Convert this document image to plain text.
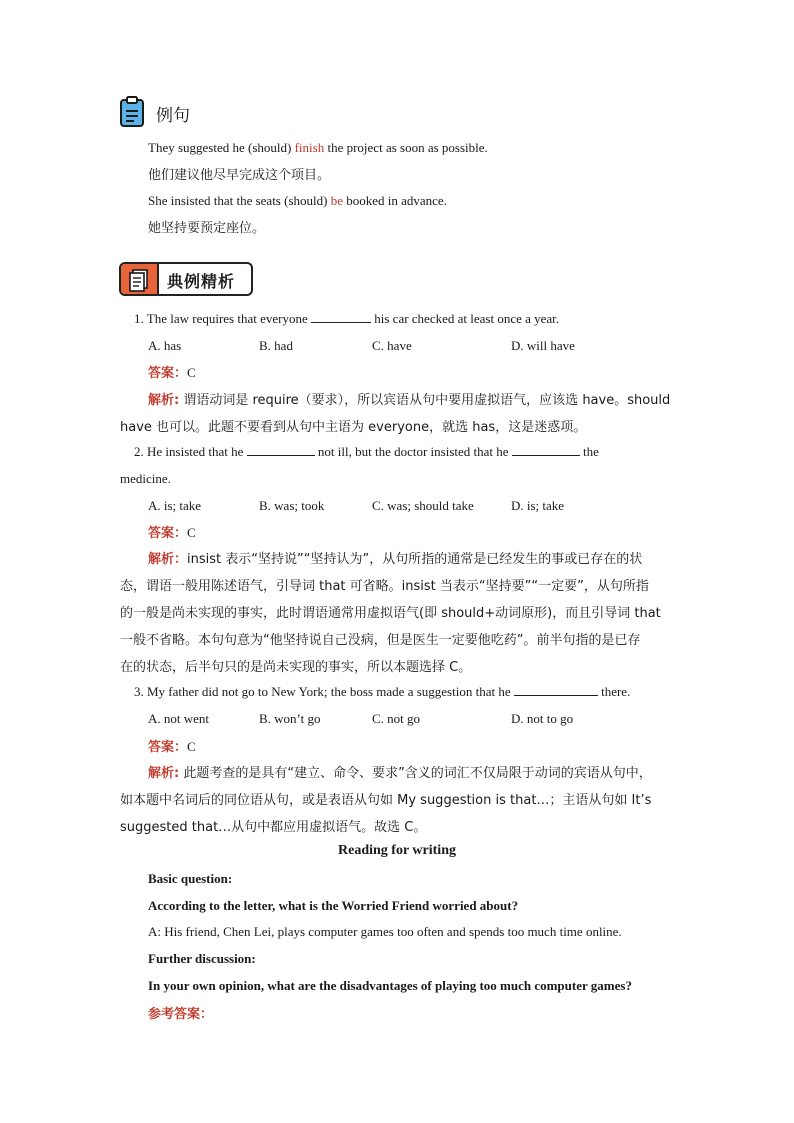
例句
They suggested he (should) finish the project as soon as possible.
他们建议他尽早完成这个项目。
She insisted that the seats (should) be booked in advance.
她坚持要预定座位。
典例精析
1. The law requires that everyone	his car checked at least once a year.
A. has	B. had	C. have	D. will have
答案：C
解析: 谓语动词是 require（要求），所以宾语从句中要用虚拟语气，应该选 have。should
have 也可以。此题不要看到从句中主语为 everyone，就选 has，这是迷惑项。
2. He insisted that he	not ill, but the doctor insisted that he	the
medicine.
A. is; take	B. was; took	C. was; should take	D. is; take
答案：C
解析：insist 表示“坚持说”“坚持认为”，从句所指的通常是已经发生的事或已存在的状
态，谓语一般用陈述语气，引导词 that 可省略。insist 当表示“坚持要”“一定要”，从句所指
的一般是尚未实现的事实，此时谓语通常用虚拟语气(即 should+动词原形)，而且引导词 that
一般不省略。本句句意为“他坚持说自己没病，但是医生一定要他吃药”。前半句指的是已存
在的状态，后半句只的是尚未实现的事实，所以本题选择 C。
3. My father did not go to New York; the boss made a suggestion that he	there.
A. not went	B. won’t go	C. not go	D. not to go
答案：C
解析: 此题考查的是具有“建立、命令、要求”含义的词汇不仅局限于动词的宾语从句中，
如本题中名词后的同位语从句，或是表语从句如 My suggestion is that…；主语从句如 It’s
suggested that…从句中都应用虚拟语气。故选 C。
Reading for writing
Basic question:
According to the letter, what is the Worried Friend worried about?
A: His friend, Chen Lei, plays computer games too often and spends too much time online.
Further discussion:
In your own opinion, what are the disadvantages of playing too much computer games?
参考答案：
